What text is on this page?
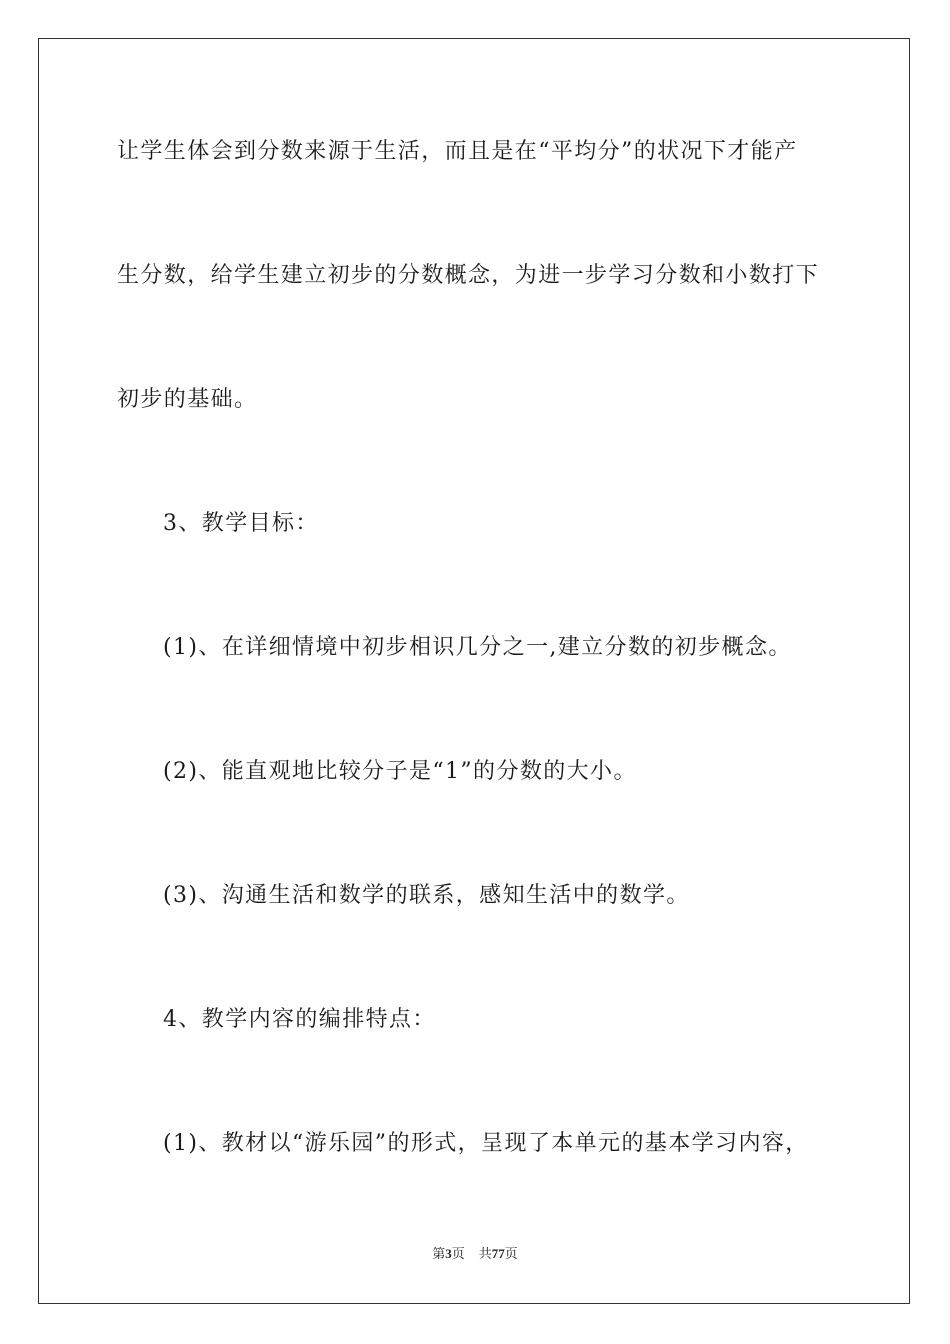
让学生体会到分数来源于生活，而且是在“平均分”的状况下才能产
生分数，给学生建立初步的分数概念，为进一步学习分数和小数打下
初步的基础。
3、教学目标：
(1)、在详细情境中初步相识几分之一,建立分数的初步概念。
(2)、能直观地比较分子是“1”的分数的大小。
(3)、沟通生活和数学的联系，感知生活中的数学。
4、教学内容的编排特点：
(1)、教材以“游乐园”的形式，呈现了本单元的基本学习内容，
第3页 共77页
